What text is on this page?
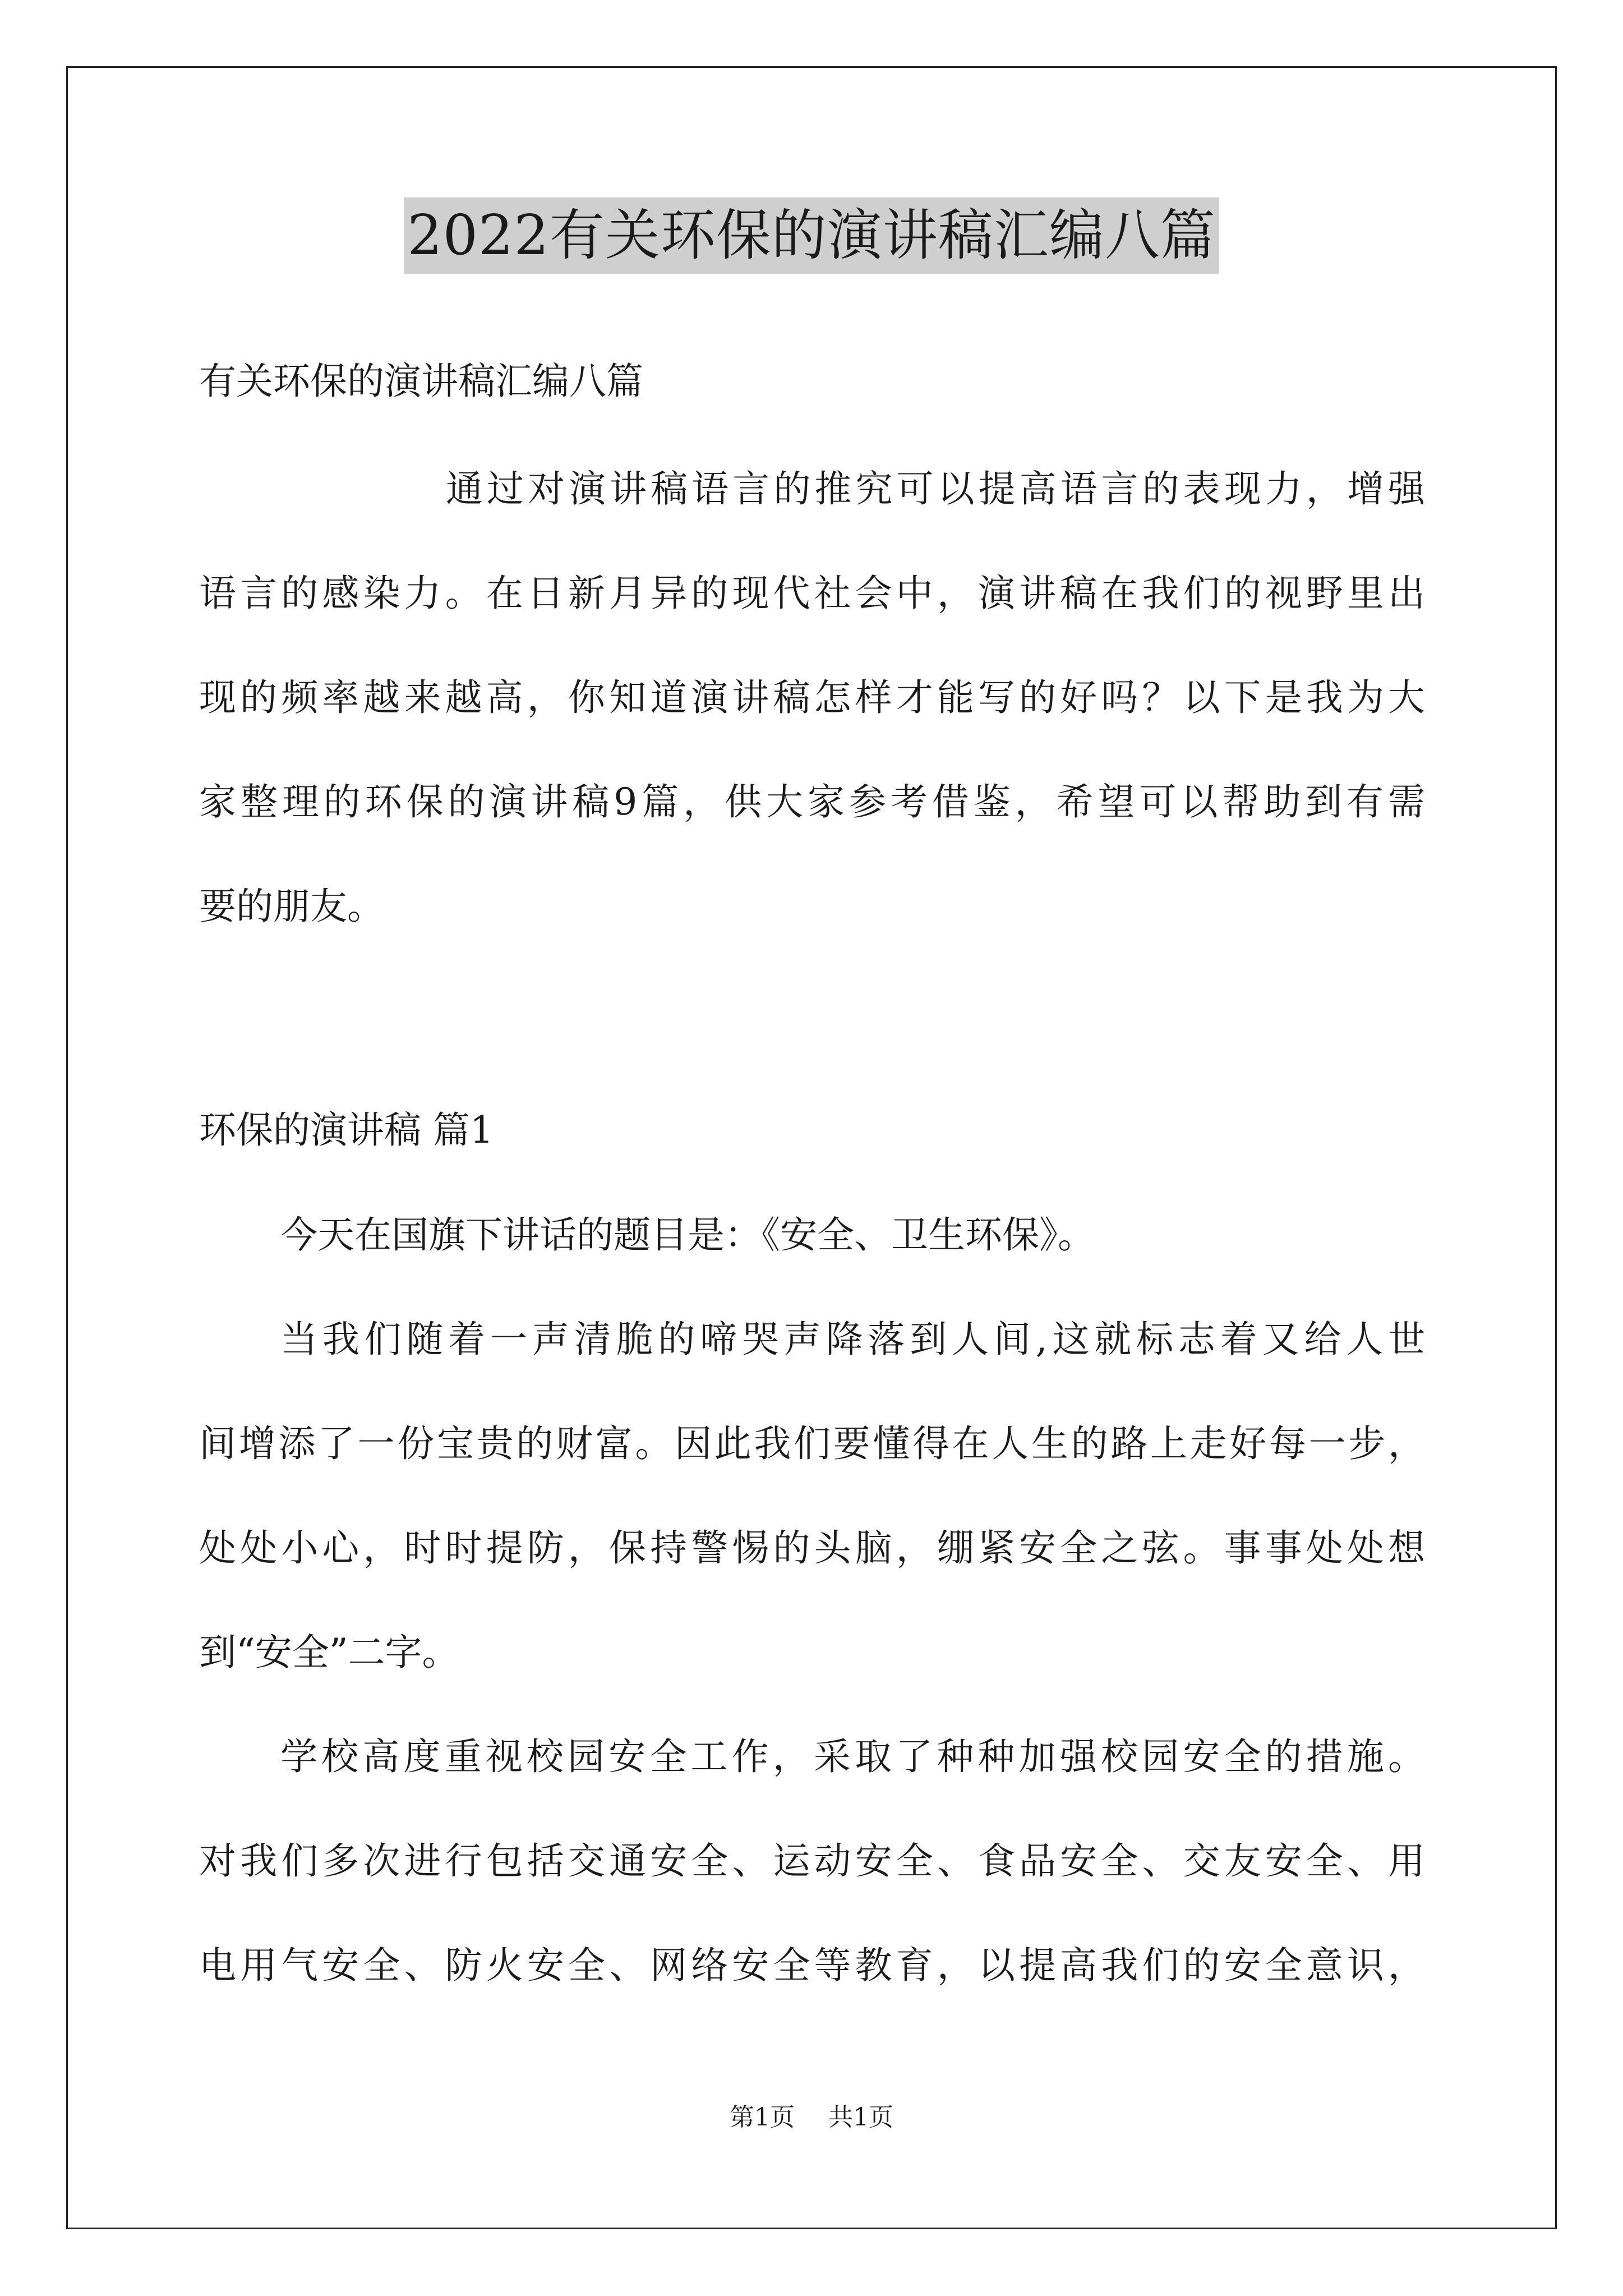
2022有关环保的演讲稿汇编八篇
有关环保的演讲稿汇编八篇
通过对演讲稿语言的推究可以提高语言的表现力，增强
语言的感染力。在日新月异的现代社会中，演讲稿在我们的视野里出
现的频率越来越高，你知道演讲稿怎样才能写的好吗？以下是我为大
家整理的环保的演讲稿9篇，供大家参考借鉴，希望可以帮助到有需
要的朋友。
环保的演讲稿 篇1
今天在国旗下讲话的题目是：《安全、卫生环保》。
当我们随着一声清脆的啼哭声降落到人间,这就标志着又给人世
间增添了一份宝贵的财富。因此我们要懂得在人生的路上走好每一步，
处处小心，时时提防，保持警惕的头脑，绷紧安全之弦。事事处处想
到“安全”二字。
学校高度重视校园安全工作，采取了种种加强校园安全的措施。
对我们多次进行包括交通安全、运动安全、食品安全、交友安全、用
电用气安全、防火安全、网络安全等教育，以提高我们的安全意识，
第1页 共1页
